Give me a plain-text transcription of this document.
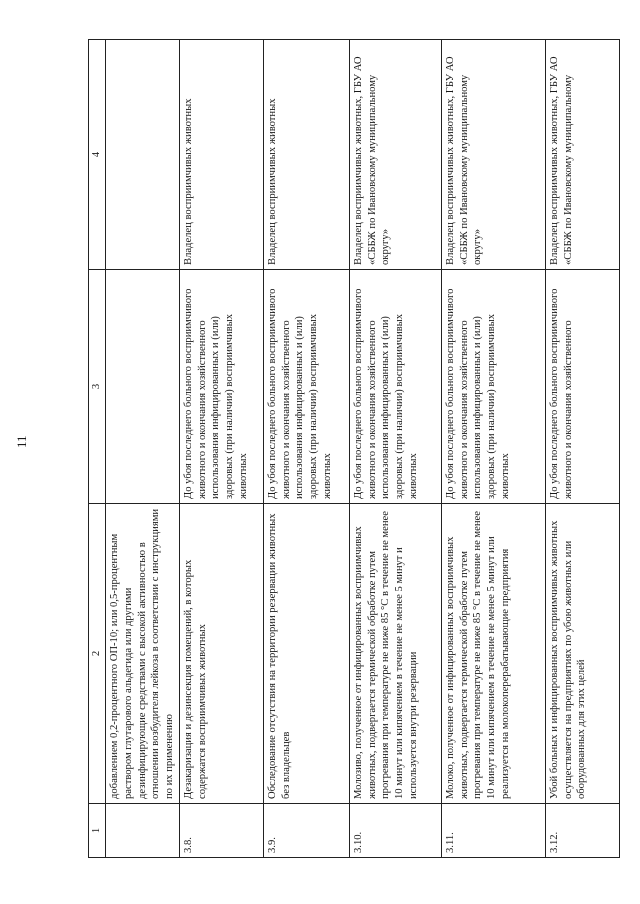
11
1	2	3	4
	добавлением 0,2-процентного ОП-10; или 0,5-процентным раствором глутарового альдегида или другими дезинфицирующие средствами с высокой активностью в отношении возбудителя лейкоза в соответствии с инструкциями по их применению		
3.8.	Дезакаризация и дезинсекция помещений, в которых содержатся восприимчивых животных	До убоя последнего больного восприимчивого животного и окончания хозяйственного использования инфицированных и (или) здоровых (при наличии) восприимчивых животных	Владелец восприимчивых животных
3.9.	Обследование отсутствия на территории резервации животных без владельцев	До убоя последнего больного восприимчивого животного и окончания хозяйственного использования инфицированных и (или) здоровых (при наличии) восприимчивых животных	Владелец восприимчивых животных
3.10.	Молозиво, полученное от инфицированных восприимчивых животных, подвергается термической обработке путем прогревания при температуре не ниже 85 °С в течение не менее 10 минут или кипячением в течение не менее 5 минут и используется внутри резервации	До убоя последнего больного восприимчивого животного и окончания хозяйственного использования инфицированных и (или) здоровых (при наличии) восприимчивых животных	Владелец восприимчивых животных, ГБУ АО «СББЖ по Ивановскому муниципальному округу»
3.11.	Молоко, полученное от инфицированных восприимчивых животных, подвергается термической обработке путем прогревания при температуре не ниже 85 °С в течение не менее 10 минут или кипячением в течение не менее 5 минут или реализуется на молокоперерабатывающие предприятия	До убоя последнего больного восприимчивого животного и окончания хозяйственного использования инфицированных и (или) здоровых (при наличии) восприимчивых животных	Владелец восприимчивых животных, ГБУ АО «СББЖ по Ивановскому муниципальному округу»
3.12.	Убой больных и инфицированных восприимчивых животных осуществляется на предприятиях по убою животных или оборудованных для этих целей	До убоя последнего больного восприимчивого животного и окончания хозяйственного	Владелец восприимчивых животных, ГБУ АО «СББЖ по Ивановскому муниципальному
